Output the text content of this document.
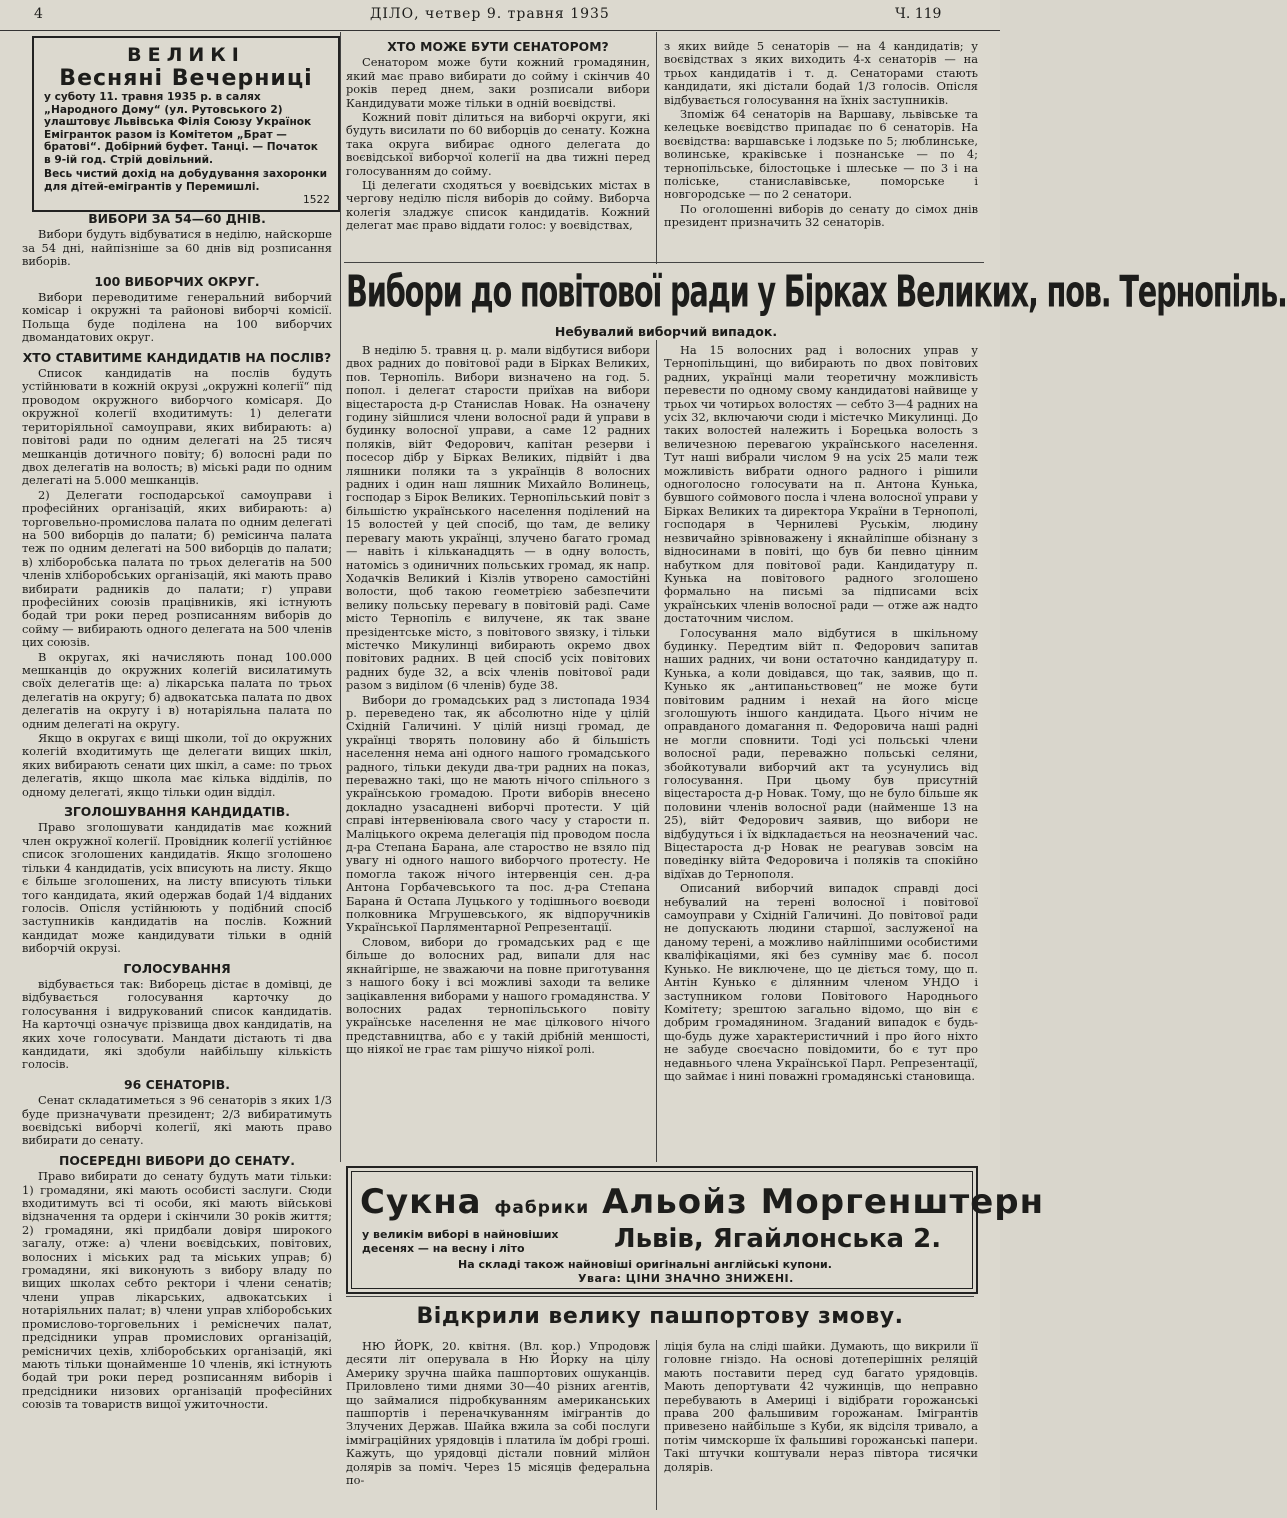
4	ДІЛО, четвер 9. травня 1935	Ч. 119
ВЕЛИКІ
Весняні Вечерниці
у суботу 11. травня 1935 р. в салях „Народного Дому“ (ул. Рутовського 2) улаштовує Львівська Філія Союзу Українок Емігранток разом із Комітетом „Брат — братові“. Добірний буфет. Танці. — Початок в 9-ій год. Стрій довільний.
Весь чистий дохід на добудування захоронки для дітей-емігрантів у Перемишлі.
1522
ВИБОРИ ЗА 54—60 ДНІВ.

Вибори будуть відбуватися в неділю, найскорше за 54 дні, найпізніше за 60 днів від розписання виборів.

100 ВИБОРЧИХ ОКРУГ.

Вибори переводитиме генеральний виборчий комісар і окружні та районові виборчі комісії. Польща буде поділена на 100 виборчих двомандатових округ.

ХТО СТАВИТИМЕ КАНДИДАТІВ НА ПОСЛІВ?

Список кандидатів на послів будуть устійнювати в кожній окрузі „окружні колегії“ під проводом окружного виборчого комісаря. До окружної колегії входитимуть: 1) делегати територіяльної самоуправи, яких вибирають: а) повітові ради по одним делегаті на 25 тисяч мешканців дотичного повіту; б) волосні ради по двох делегатів на волость; в) міські ради по одним делегаті на 5.000 мешканців.

2) Делегати господарської самоуправи і професійних організацій, яких вибирають: а) торговельно-промислова палата по одним делегаті на 500 виборців до палати; б) ремісинча палата теж по одним делегаті на 500 виборців до палати; в) хліборобська палата по трьох делегатів на 500 членів хліборобських організацій, які мають право вибирати радників до палати; г) управи професійних союзів працівників, які істнують бодай три роки перед розписанням виборів до сойму — вибирають одного делегата на 500 членів цих союзів.

В округах, які начисляють понад 100.000 мешканців до окружних колегій висилатимуть своїх делегатів ще: а) лікарська палата по трьох делегатів на округу; б) адвокатська палата по двох делегатів на округу і в) нотаріяльна палата по одним делегаті на округу.

Якщо в округах є вищі школи, тої до окружних колегій входитимуть ще делегати вищих шкіл, яких вибирають сенати цих шкіл, а саме: по трьох делегатів, якщо школа має кілька відділів, по одному делегаті, якщо тільки один відділ.

ЗГОЛОШУВАННЯ КАНДИДАТІВ.

Право зголошувати кандидатів має кожний член окружної колегії. Провідник колегії устійнює список зголошених кандидатів. Якщо зголошено тільки 4 кандидатів, усіх вписують на листу. Якщо є більше зголошених, на листу вписують тільки того кандидата, який одержав бодай 1/4 відданих голосів. Опісля устійнюють у подібний спосіб заступників кандидатів на послів. Кожний кандидат може кандидувати тільки в одній виборчій окрузі.

ГОЛОСУВАННЯ

відбувається так: Виборець дістає в домівці, де відбувається голосування карточку до голосування і видрукований список кандидатів. На карточці означує прізвища двох кандидатів, на яких хоче голосувати. Мандати дістають ті два кандидати, які здобули найбільшу кількість голосів.

96 СЕНАТОРІВ.

Сенат складатиметься з 96 сенаторів з яких 1/3 буде призначувати президент; 2/3 вибиратимуть воєвідські виборчі колегії, які мають право вибирати до сенату.

ПОСЕРЕДНІ ВИБОРИ ДО СЕНАТУ.

Право вибирати до сенату будуть мати тільки: 1) громадяни, які мають особисті заслуги. Сюди входитимуть всі ті особи, які мають військові відзначення та ордери і скінчили 30 років життя; 2) громадяни, які придбали довіря широкого загалу, отже: а) члени воєвідських, повітових, волосних і міських рад та міських управ; б) громадяни, які виконують з вибору владу по вищих школах себто ректори і члени сенатів; члени управ лікарських, адвокатських і нотаріяльних палат; в) члени управ хліборобських промислово-торговельних і реміснечих палат, предсідники управ промислових організацій, ремісничих цехів, хліборобських організацій, які мають тільки щонайменше 10 членів, які істнують бодай три роки перед розписанням виборів і предсідники низових організацій професійних союзів та товариств вищої ужиточности.

ХТО МОЖЕ БУТИ СЕНАТОРОМ?

Сенатором може бути кожний громадянин, який має право вибирати до сойму і скінчив 40 років перед днем, заки розписали вибори Кандидувати може тільки в одній воєвідстві.

Кожний повіт ділиться на виборчі округи, які будуть висилати по 60 виборців до сенату. Кожна така округа вибирає одного делегата до воєвідської виборчої колегії на два тижні перед голосуванням до сойму.

Ці делегати сходяться у воєвідських містах в чергову неділю після виборів до сойму. Виборча колегія зладжує список кандидатів. Кожний делегат має право віддати голос: у воєвідствах,

з яких вийде 5 сенаторів — на 4 кандидатів; у воєвідствах з яких виходить 4-х сенаторів — на трьох кандидатів і т. д. Сенаторами стають кандидати, які дістали бодай 1/3 голосів. Опісля відбувається голосування на їхніх заступників.

Зпоміж 64 сенаторів на Варшаву, львівське та келецьке воєвідство припадає по 6 сенаторів. На воєвідства: варшавське і лодзьке по 5; люблинське, волинське, краківське і познанське — по 4; тернопільське, білостоцьке і шлеське — по 3 і на поліське, станиславівське, поморське і новгородське — по 2 сенатори.

По оголошенні виборів до сенату до сімох днів президент призначить 32 сенаторів.

Вибори до повітової ради у Бірках Великих, пов. Тернопіль.
Небувалий виборчий випадок.

В неділю 5. травня ц. р. мали відбутися вибори двох радних до повітової ради в Бірках Великих, пов. Тернопіль. Вибори визначено на год. 5. попол. і делегат старости приїхав на вибори віцестароста д-р Станислав Новак. На означену годину зійшлися члени волосної ради й управи в будинку волосної управи, а саме 12 радних поляків, війт Федорович, капітан резерви і посесор дібр у Бірках Великих, підвійт і два ляшники поляки та з українців 8 волосних радних і один наш ляшник Михайло Волинець, господар з Бірок Великих. Тернопільський повіт з більшістю українського населення поділений на 15 волостей у цей спосіб, що там, де велику перевагу мають українці, злучено багато громад — навіть і кільканадцять — в одну волость, натомісь з одиничних польських громад, як напр. Ходачків Великий і Кізлів утворено самостійні волости, щоб такою геометрією забезпечити велику польську перевагу в повітовій раді. Саме місто Тернопіль є вилучене, як так зване презідентське місто, з повітового звязку, і тільки містечко Микулинці вибирають окремо двох повітових радних. В цей спосіб усіх повітових радних буде 32, а всіх членів повітової ради разом з виділом (6 членів) буде 38.

Вибори до громадських рад з листопада 1934 р. переведено так, як абсолютно ніде у цілій Східній Галичині. У цілій низці громад, де українці творять половину або й більшість населення нема ані одного нашого громадського радного, тільки декуди два-три радних на показ, переважно такі, що не мають нічого спільного з українською громадою. Проти виборів внесено докладно узасаднені виборчі протести. У цій справі інтервеніювала свого часу у старости п. Маліцького окрема делегація під проводом посла д-ра Степана Барана, але староство не взяло під увагу ні одного нашого виборчого протесту. Не помогла також нічого інтервенція сен. д-ра Антона Горбачевського та пос. д-ра Степана Барана й Остапа Луцького у тодішнього воєводи полковника Мгрушевського, як відпоручників Української Парляментарної Репрезентації.

Словом, вибори до громадських рад є ще більше до волосних рад, випали для нас якнайгірше, не зважаючи на повне приготування з нашого боку і всі можливі заходи та велике зацікавлення виборами у нашого громадянства. У волосних радах тернопільського повіту українське населення не має цілкового нічого представництва, або є у такій дрібній меншості, що ніякої не грає там рішучо ніякої ролі.

На 15 волосних рад і волосних управ у Тернопільщині, що вибирають по двох повітових радних, українці мали теоретичну можливість перевести по одному свому кандидатові найвище у трьох чи чотирьох волостях — себто 3—4 радних на усіх 32, включаючи сюди і містечко Микулинці. До таких волостей належить і Борецька волость з величезною перевагою українського населення. Тут наші вибрали числом 9 на усіх 25 мали теж можливість вибрати одного радного і рішили одноголосно голосувати на п. Антона Кунька, бувшого соймового посла і члена волосної управи у Бірках Великих та директора України в Тернополі, господаря в Чернилеві Руськім, людину незвичайно зрівноважену і якнайліпше обізнану з відносинами в повіті, що був би певно цінним набутком для повітової ради. Кандидатуру п. Кунька на повітового радного зголошено формально на письмі за підписами всіх українських членів волосної ради — отже аж надто достаточним числом.

Голосування мало відбутися в шкільному будинку. Передтим війт п. Федорович запитав наших радних, чи вони остаточно кандидатуру п. Кунька, а коли довідався, що так, заявив, що п. Кунько як „антипаньствовец“ не може бути повітовим радним і нехай на його місце зголошують іншого кандидата. Цього нічим не оправданого домагання п. Федоровича наші радні не могли сповнити. Тоді усі польські члени волосної ради, переважно польські селяни, збойкотували виборчий акт та усунулись від голосування. При цьому був присутній віцестароста д-р Новак. Тому, що не було більше як половини членів волосної ради (найменше 13 на 25), війт Федорович заявив, що вибори не відбудуться і їх відкладається на неозначений час. Віцестароста д-р Новак не реагував зовсім на поведінку війта Федоровича і поляків та спокійно відїхав до Тернополя.

Описаний виборчий випадок справді досі небувалий на терені волосної і повітової самоуправи у Східній Галичині. До повітової ради не допускають людини старшої, заслуженої на даному терені, а можливо найліпшими особистими кваліфікаціями, які без сумніву має б. посол Кунько. Не виключене, що це діється тому, що п. Антін Кунько є ділянним членом УНДО і заступником голови Повітового Народнього Комітету; зрештою загально відомо, що він є добрим громадянином. Згаданий випадок є будь-що-будь дуже характеристичний і про його ніхто не забуде своєчасно повідомити, бо є тут про недавнього члена Української Парл. Репрезентації, що займає і нині поважні громадянські становища.

Сукна фабрики Альойз Моргенштерн
у великім виборі в найновіших
десенях — на весну і літо	Львів, Ягайлонська 2.
На складі також найновіші оригінальні англійські купони.
Увага: ЦІНИ ЗНАЧНО ЗНИЖЕНІ.
Відкрили велику пашпортову змову.

НЮ ЙОРК, 20. квітня. (Вл. кор.) Упродовж десяти літ оперувала в Ню Йорку на цілу Америку зручна шайка пашпортових ошуканців. Приловлено тими днями 30—40 різних агентів, що займалися підробкуванням американських пашпортів і переначкуванням імігрантів до Злучених Держав. Шайка вжила за собі послуги імміграційних урядовців і платила їм добрі гроші. Кажуть, що урядовці дістали повний мілйон долярів за поміч. Через 15 місяців федеральна по-

ліція була на сліді шайки. Думають, що викрили її головне гніздо. На основі дотеперішніх реляцій мають поставити перед суд багато урядовців. Мають депортувати 42 чужинців, що неправно перебувають в Америці і відібрати горожанські права 200 фальшивим горожанам. Імігрантів привезено найбільше з Куби, як відсіля тривало, а потім чимскорше їх фальшиві горожанські папери. Такі штучки коштували нераз півтора тисячки долярів.
